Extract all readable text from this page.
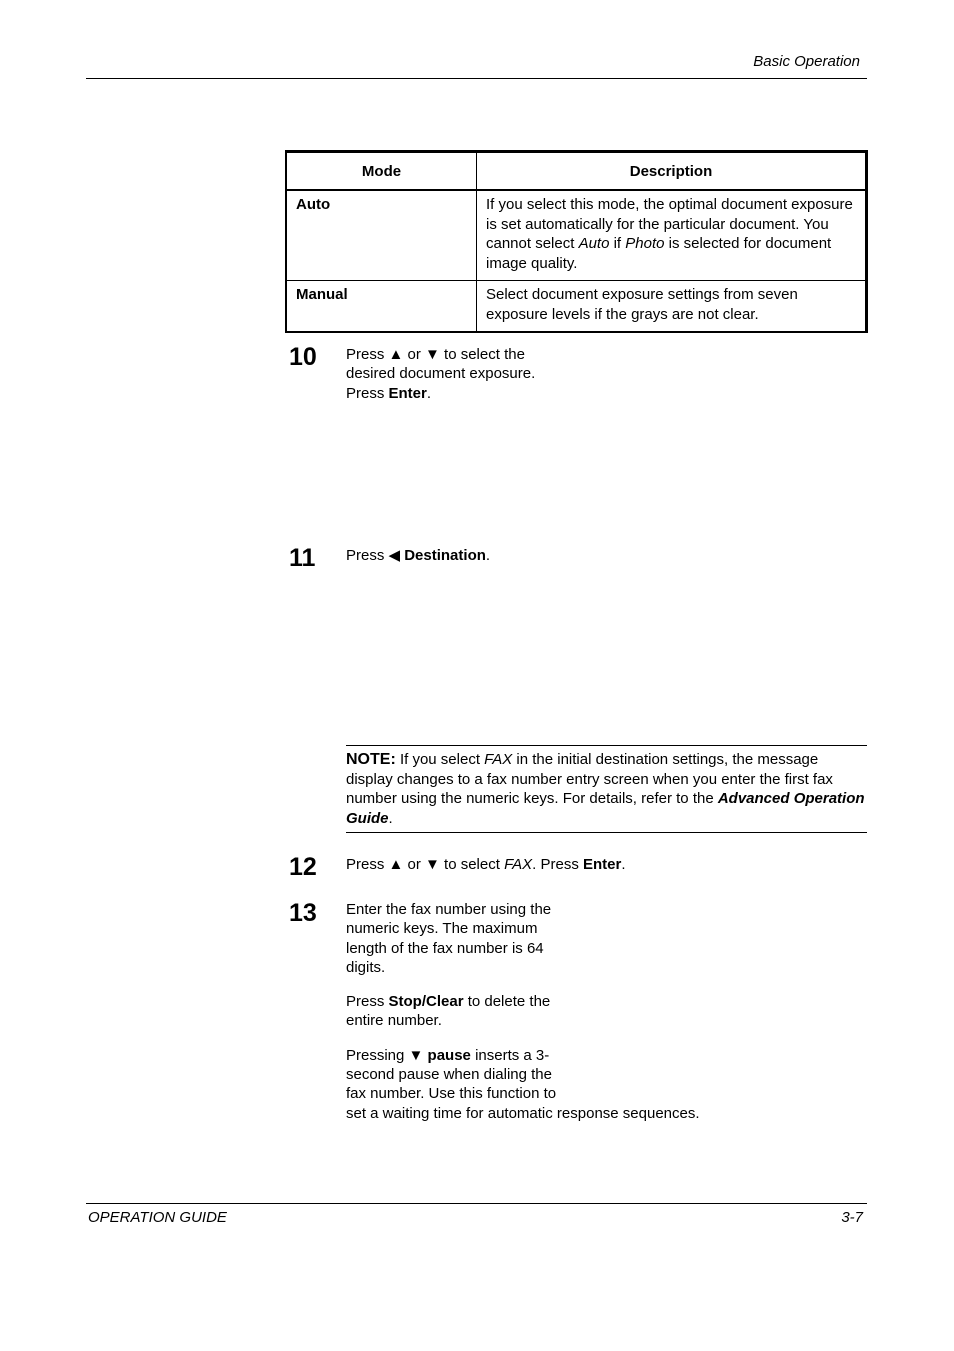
Basic Operation
Mode	Description
Auto	If you select this mode, the optimal document exposure is set automatically for the particular document. You cannot select Auto if Photo is selected for document image quality.
Manual	Select document exposure settings from seven exposure levels if the grays are not clear.
10 Press ▲ or ▼ to select the
desired document exposure.
Press Enter.
11 Press ◀ Destination.
NOTE: If you select FAX in the initial destination settings, the message display changes to a fax number entry screen when you enter the first fax number using the numeric keys. For details, refer to the Advanced Operation Guide.
12 Press ▲ or ▼ to select FAX. Press Enter.
13 Enter the fax number using the
numeric keys. The maximum
length of the fax number is 64
digits.
Press Stop/Clear to delete the
entire number.
Pressing ▼ pause inserts a 3-
second pause when dialing the
fax number. Use this function to
set a waiting time for automatic response sequences.
OPERATION GUIDE	3-7
